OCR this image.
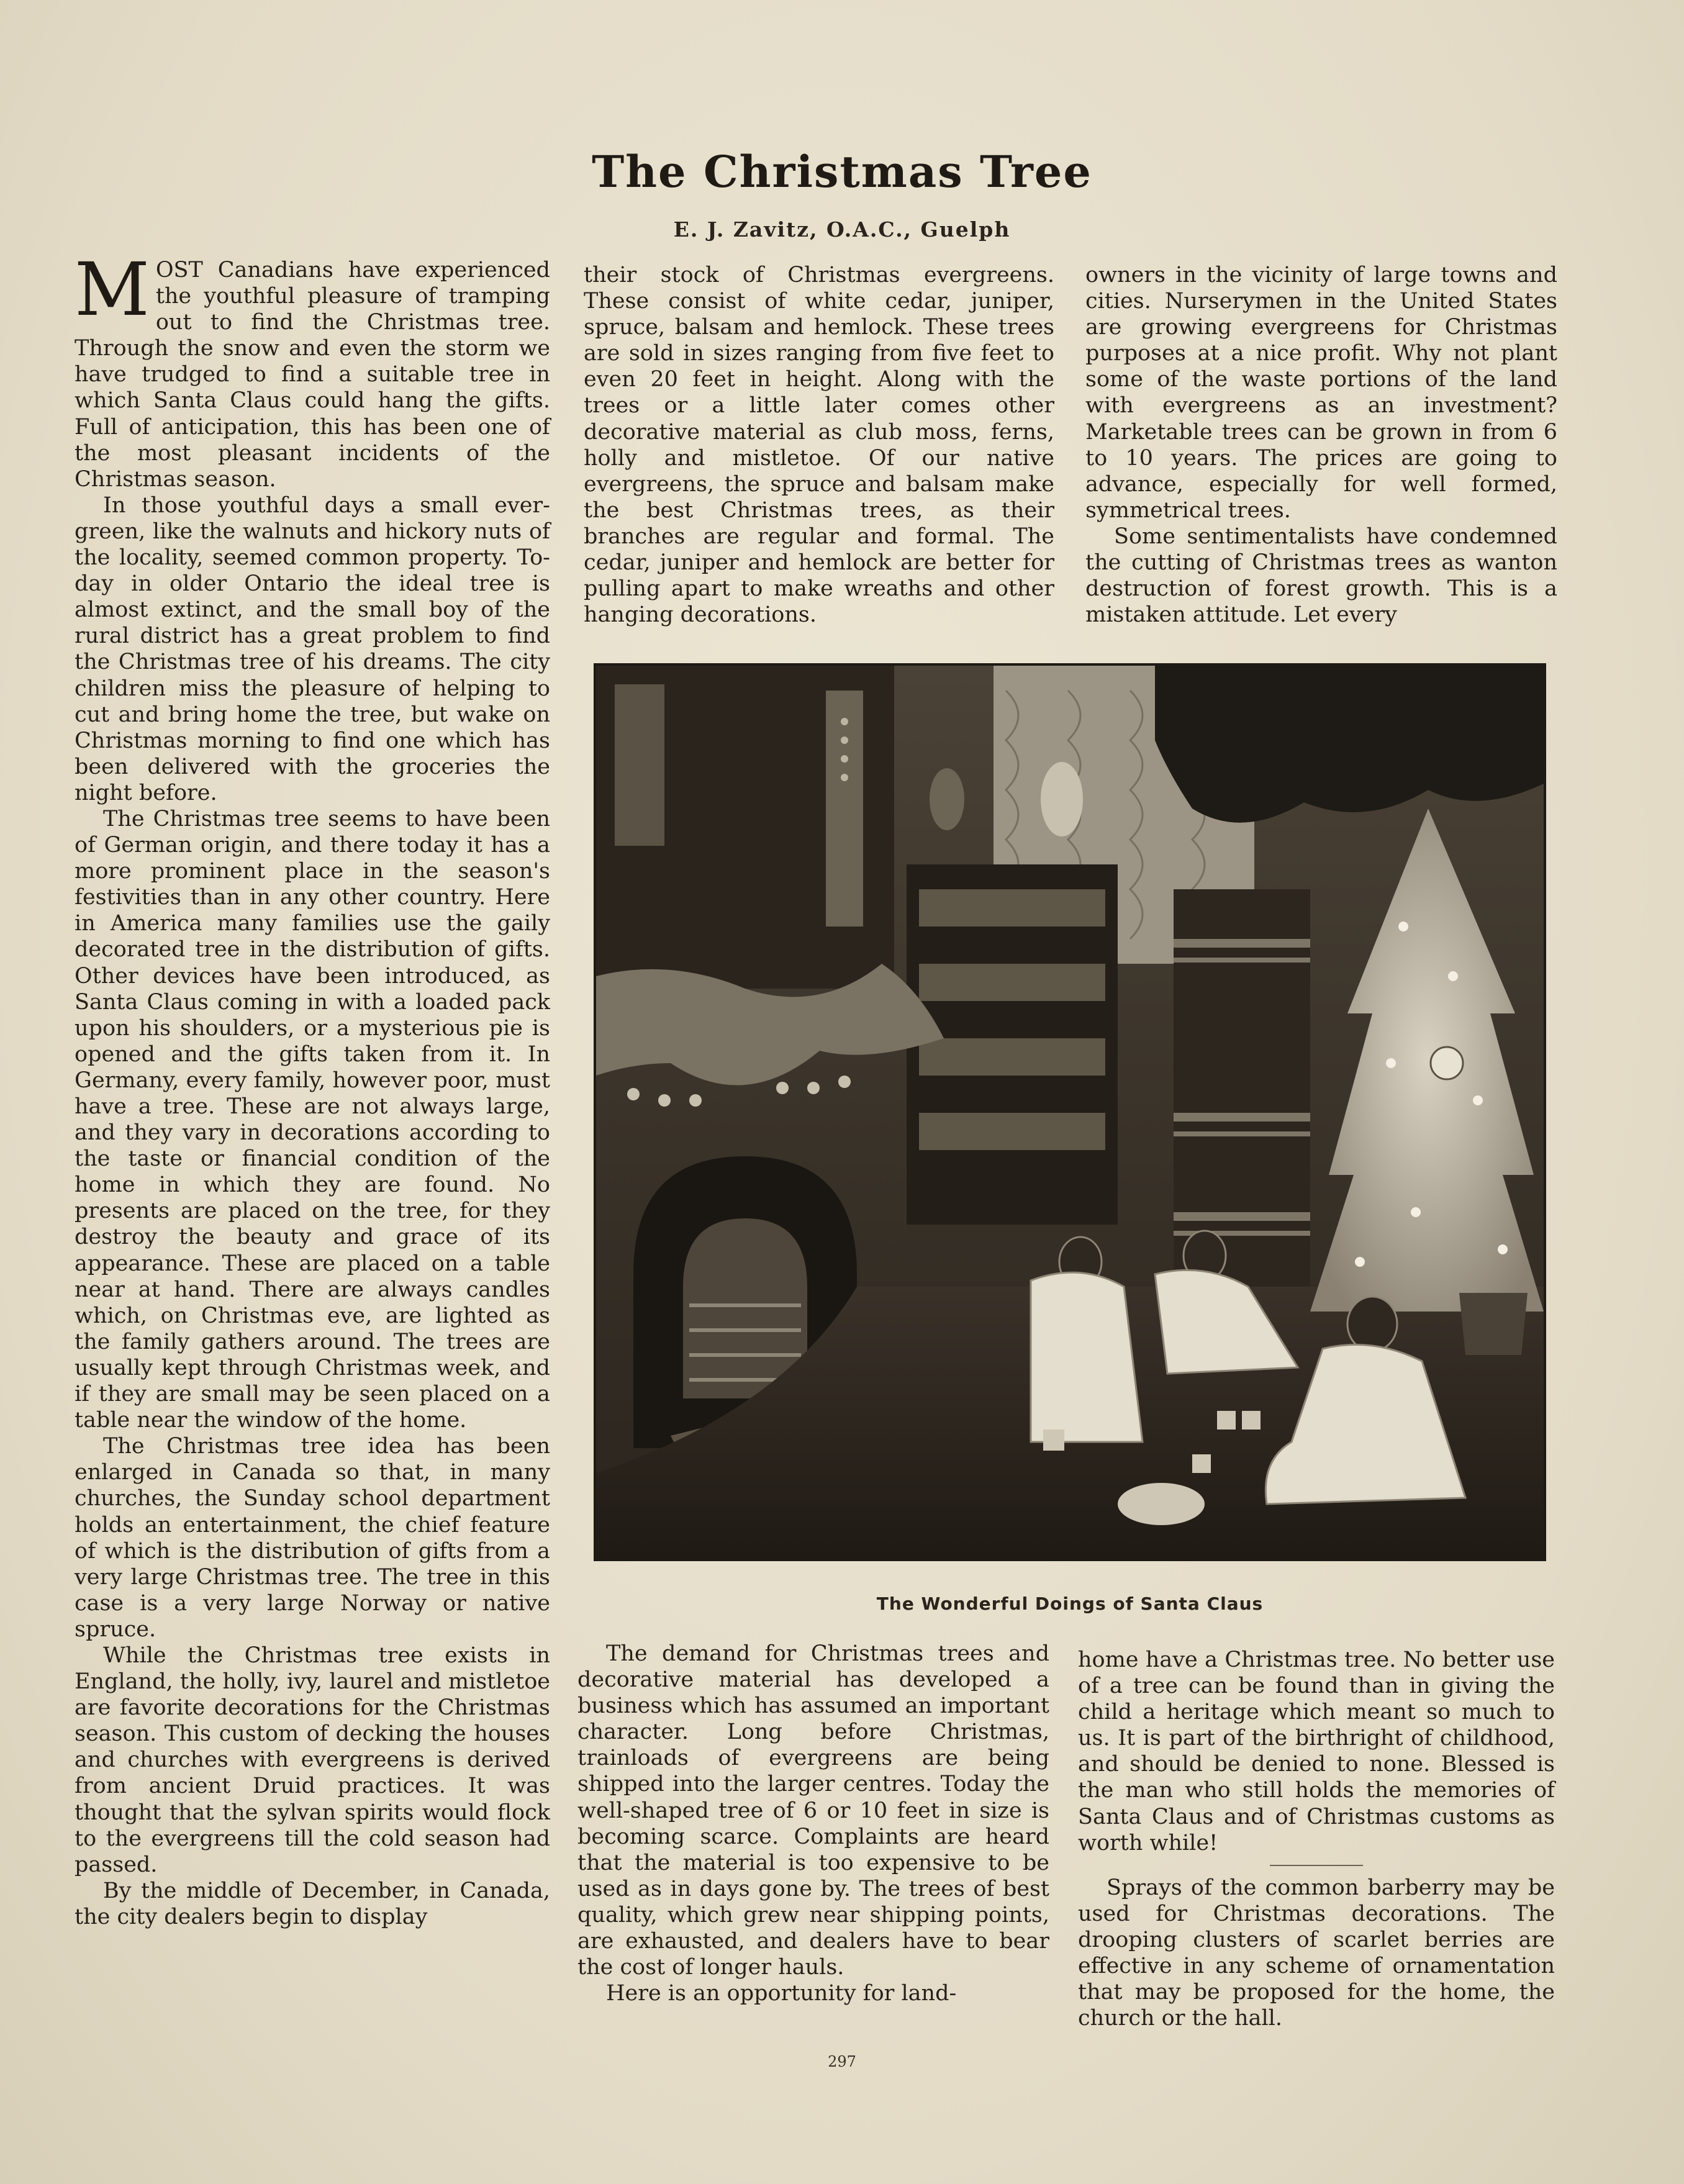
The Christmas Tree
E. J. Zavitz, O.A.C., Guelph

MOST Canadians have experienced the youthful pleasure of tramping out to find the Christmas tree. Through the snow and even the storm we have trudged to find a suitable tree in which Santa Claus could hang the gifts. Full of anticipation, this has been one of the most pleasant incidents of the Christmas season.

In those youthful days a small evergreen, like the walnuts and hickory nuts of the locality, seemed common property. To-day in older Ontario the ideal tree is almost extinct, and the small boy of the rural district has a great problem to find the Christmas tree of his dreams. The city children miss the pleasure of helping to cut and bring home the tree, but wake on Christmas morning to find one which has been delivered with the groceries the night before.

The Christmas tree seems to have been of German origin, and there today it has a more prominent place in the season's festivities than in any other country. Here in America many families use the gaily decorated tree in the distribution of gifts. Other devices have been introduced, as Santa Claus coming in with a loaded pack upon his shoulders, or a mysterious pie is opened and the gifts taken from it. In Germany, every family, however poor, must have a tree. These are not always large, and they vary in decorations according to the taste or financial condition of the home in which they are found. No presents are placed on the tree, for they destroy the beauty and grace of its appearance. These are placed on a table near at hand. There are always candles which, on Christmas eve, are lighted as the family gathers around. The trees are usually kept through Christmas week, and if they are small may be seen placed on a table near the window of the home.

The Christmas tree idea has been enlarged in Canada so that, in many churches, the Sunday school department holds an entertainment, the chief feature of which is the distribution of gifts from a very large Christmas tree. The tree in this case is a very large Norway or native spruce.

While the Christmas tree exists in England, the holly, ivy, laurel and mistletoe are favorite decorations for the Christmas season. This custom of decking the houses and churches with evergreens is derived from ancient Druid practices. It was thought that the sylvan spirits would flock to the evergreens till the cold season had passed.

By the middle of December, in Canada, the city dealers begin to display

their stock of Christmas evergreens. These consist of white cedar, juniper, spruce, balsam and hemlock. These trees are sold in sizes ranging from five feet to even 20 feet in height. Along with the trees or a little later comes other decorative material as club moss, ferns, holly and mistletoe. Of our native evergreens, the spruce and balsam make the best Christmas trees, as their branches are regular and formal. The cedar, juniper and hemlock are better for pulling apart to make wreaths and other hanging decorations.

owners in the vicinity of large towns and cities. Nurserymen in the United States are growing evergreens for Christmas purposes at a nice profit. Why not plant some of the waste portions of the land with evergreens as an investment? Marketable trees can be grown in from 6 to 10 years. The prices are going to advance, especially for well formed, symmetrical trees.

Some sentimentalists have condemned the cutting of Christmas trees as wanton destruction of forest growth. This is a mistaken attitude. Let every

The Wonderful Doings of Santa Claus

The demand for Christmas trees and decorative material has developed a business which has assumed an important character. Long before Christmas, trainloads of evergreens are being shipped into the larger centres. Today the well-shaped tree of 6 or 10 feet in size is becoming scarce. Complaints are heard that the material is too expensive to be used as in days gone by. The trees of best quality, which grew near shipping points, are exhausted, and dealers have to bear the cost of longer hauls.

Here is an opportunity for land-

home have a Christmas tree. No better use of a tree can be found than in giving the child a heritage which meant so much to us. It is part of the birthright of childhood, and should be denied to none. Blessed is the man who still holds the memories of Santa Claus and of Christmas customs as worth while!

Sprays of the common barberry may be used for Christmas decorations. The drooping clusters of scarlet berries are effective in any scheme of ornamentation that may be proposed for the home, the church or the hall.

297
